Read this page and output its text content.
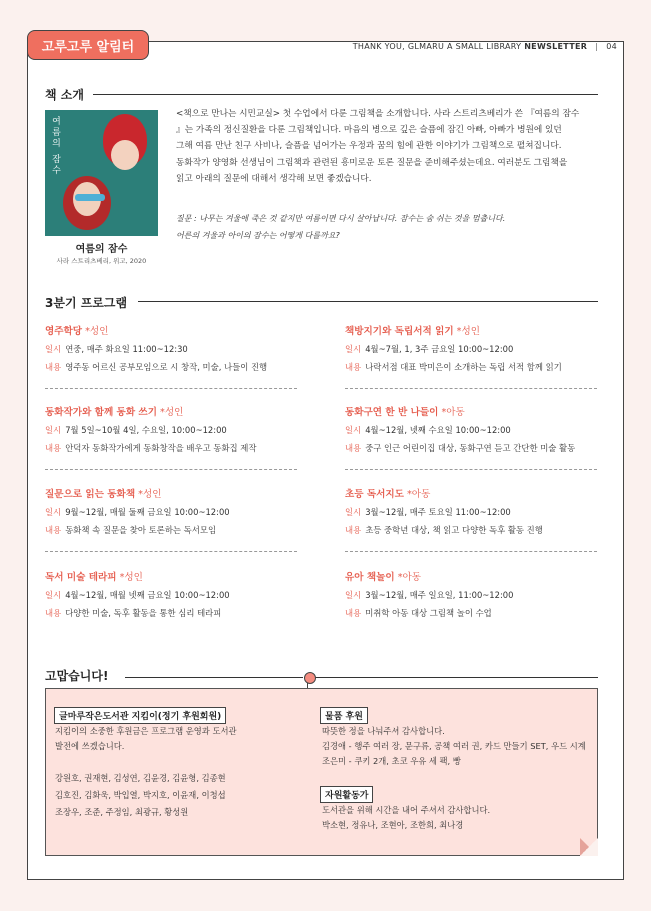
고루고루 알림터	THANK YOU, GLMARU A SMALL LIBRARY NEWSLETTER | 04
책 소개
여름의 잠수
여름의 잠수
사라 스트리츠베리, 위고, 2020
<책으로 만나는 시민교실> 첫 수업에서 다룬 그림책을 소개합니다. 사라 스트리츠베리가 쓴 『여름의 잠수
』는 가족의 정신질환을 다룬 그림책입니다. 마음의 병으로 깊은 슬픔에 잠긴 아빠, 아빠가 병원에 있던
그해 여름 만난 친구 사비나, 슬픔을 넘어가는 우정과 꿈의 힘에 관한 이야기가 그림책으로 펼쳐집니다.
동화작가 양영화 선생님이 그림책과 관련된 흥미로운 토론 질문을 준비해주셨는데요. 여러분도 그림책을
읽고 아래의 질문에 대해서 생각해 보면 좋겠습니다.
질문 : 나무는 겨울에 죽은 것 같지만 여름이면 다시 살아납니다. 잠수는 숨 쉬는 것을 멈춥니다.
어른의 겨울과 아이의 잠수는 어떻게 다를까요?
3분기 프로그램
영주학당 *성인
일시 연중, 매주 화요일 11:00~12:30
내용 영주동 어르신 공부모임으로 시 창작, 미술, 나들이 진행
동화작가와 함께 동화 쓰기 *성인
일시 7월 5일~10월 4일, 수요일, 10:00~12:00
내용 안덕자 동화작가에게 동화창작을 배우고 동화집 제작
질문으로 읽는 동화책 *성인
일시 9월~12월, 매월 둘째 금요일 10:00~12:00
내용 동화책 속 질문을 찾아 토론하는 독서모임
독서 미술 테라피 *성인
일시 4월~12월, 매월 넷째 금요일 10:00~12:00
내용 다양한 미술, 독후 활동을 통한 심리 테라피
책방지기와 독립서적 읽기 *성인
일시 4월~7월, 1, 3주 금요일 10:00~12:00
내용 나락서점 대표 박미은이 소개하는 독립 서적 함께 읽기
동화구연 한 반 나들이 *아동
일시 4월~12월, 넷째 수요일 10:00~12:00
내용 중구 인근 어린이집 대상, 동화구연 듣고 간단한 미술 활동
초등 독서지도 *아동
일시 3월~12월, 매주 토요일 11:00~12:00
내용 초등 중학년 대상, 책 읽고 다양한 독후 활동 진행
유아 책놀이 *아동
일시 3월~12월, 매주 일요일, 11:00~12:00
내용 미취학 아동 대상 그림책 놀이 수업
고맙습니다!
글마루작은도서관 지킴이(정기 후원회원)
지킴이의 소중한 후원금은 프로그램 운영과 도서관
발전에 쓰겠습니다.
강원호, 권재현, 김성연, 김윤경, 김윤형, 김종현
김호진, 김화욱, 박입열, 박지호, 이윤재, 이청섭
조장우, 조준, 주정임, 최광규, 황성원
물품 후원
따뜻한 정을 나눠주셔 감사합니다.
김경애 - 행주 여러 장, 문구류, 공책 여러 권, 카드 만들기 SET, 우드 시계
조은미 - 쿠키 2개, 초코 우유 세 팩, 빵
자원활동가
도서관을 위해 시간을 내어 주셔서 감사합니다.
박소현, 정유나, 조현아, 조한희, 최나경
